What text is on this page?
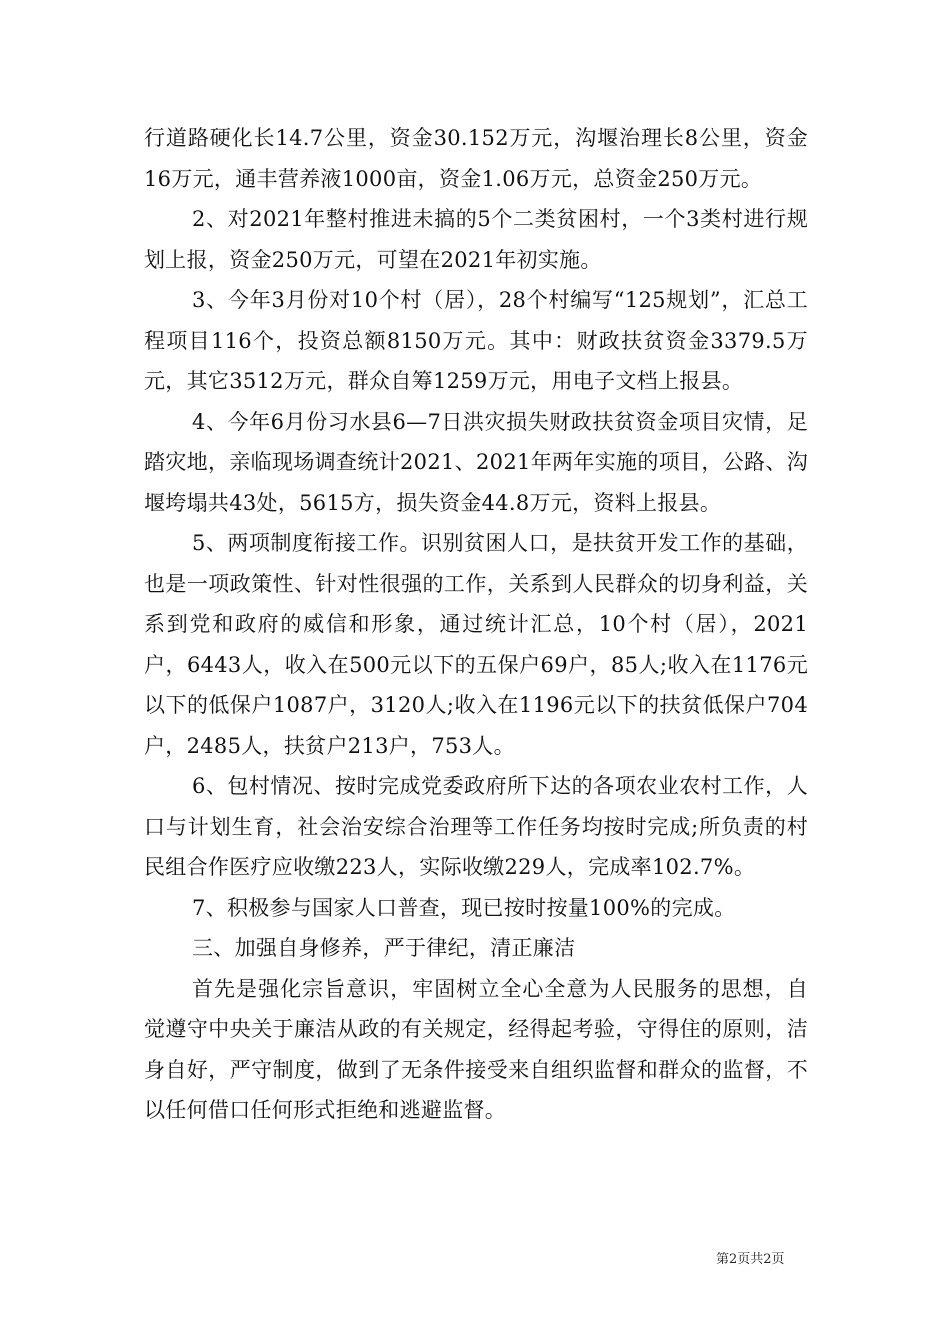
行道路硬化长14.7公里，资金30.152万元，沟堰治理长8公里，资金16万元，通丰营养液1000亩，资金1.06万元，总资金250万元。

2、对2021年整村推进未搞的5个二类贫困村，一个3类村进行规划上报，资金250万元，可望在2021年初实施。

3、今年3月份对10个村（居），28个村编写“125规划”，汇总工程项目116个，投资总额8150万元。其中：财政扶贫资金3379.5万元，其它3512万元，群众自筹1259万元，用电子文档上报县。

4、今年6月份习水县6—7日洪灾损失财政扶贫资金项目灾情，足踏灾地，亲临现场调查统计2021、2021年两年实施的项目，公路、沟堰垮塌共43处，5615方，损失资金44.8万元，资料上报县。

5、两项制度衔接工作。识别贫困人口，是扶贫开发工作的基础，也是一项政策性、针对性很强的工作，关系到人民群众的切身利益，关系到党和政府的威信和形象，通过统计汇总，10个村（居），2021户，6443人，收入在500元以下的五保户69户，85人;收入在1176元以下的低保户1087户，3120人;收入在1196元以下的扶贫低保户704户，2485人，扶贫户213户，753人。

6、包村情况、按时完成党委政府所下达的各项农业农村工作，人口与计划生育，社会治安综合治理等工作任务均按时完成;所负责的村民组合作医疗应收缴223人，实际收缴229人，完成率102.7%。

7、积极参与国家人口普查，现已按时按量100%的完成。

三、加强自身修养，严于律纪，清正廉洁

首先是强化宗旨意识，牢固树立全心全意为人民服务的思想，自觉遵守中央关于廉洁从政的有关规定，经得起考验，守得住的原则，洁身自好，严守制度，做到了无条件接受来自组织监督和群众的监督，不以任何借口任何形式拒绝和逃避监督。

第2页共2页
